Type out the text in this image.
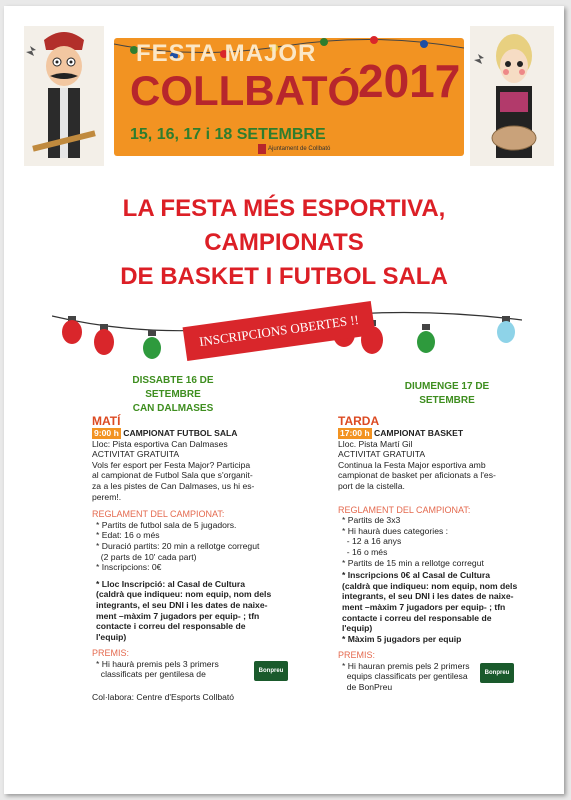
FESTA MAJOR
COLLBATÓ
2017
15, 16, 17 i 18 SETEMBRE
Ajuntament de Collbató
LA FESTA MÉS ESPORTIVA,
CAMPIONATS
DE BASKET I FUTBOL SALA
INSCRIPCIONS OBERTES !!
DISSABTE 16 DE SETEMBRE
CAN DALMASES
DIUMENGE 17 DE SETEMBRE
MATÍ
9:00 h CAMPIONAT FUTBOL SALA
Lloc: Pista esportiva Can Dalmases
ACTIVITAT GRATUITA
Vols fer esport per Festa Major? Participa
al campionat de Futbol Sala que s'organit-
za a les pistes de Can Dalmases, us hi es-
perem!.
REGLAMENT DEL CAMPIONAT:
* Partits de futbol sala de 5 jugadors.
* Edat: 16 o més
* Duració partits: 20 min a rellotge corregut
(2 parts de 10' cada part)
* Inscripcions: 0€
* Lloc Inscripció: al Casal de Cultura
(caldrà que indiqueu: nom equip, nom dels
integrants, el seu DNI i les dates de naixe-
ment –màxim 7 jugadors per equip- ; tfn
contacte i correu del responsable de
l'equip)
PREMIS:
* Hi haurà premis pels 3 primers
classificats per gentilesa de	Bonpreu
Col·labora: Centre d'Esports Collbató
TARDA
17:00 h CAMPIONAT BASKET
Lloc. Pista Martí Gil
ACTIVITAT GRATUITA
Continua la Festa Major esportiva amb
campionat de basket per aficionats a l'es-
port de la cistella.
REGLAMENT DEL CAMPIONAT:
* Partits de 3x3
* Hi haurà dues categories :
- 12 a 16 anys
- 16 o més
* Partits de 15 min a rellotge corregut
* Inscripcions 0€ al Casal de Cultura
(caldrà que indiqueu: nom equip, nom dels
integrants, el seu DNI i les dates de naixe-
ment –màxim 7 jugadors per equip- ; tfn
contacte i correu del responsable de
l'equip)
* Màxim 5 jugadors per equip
PREMIS:
* Hi hauran premis pels 2 primers
equips classificats per gentilesa
de BonPreu
Bonpreu
